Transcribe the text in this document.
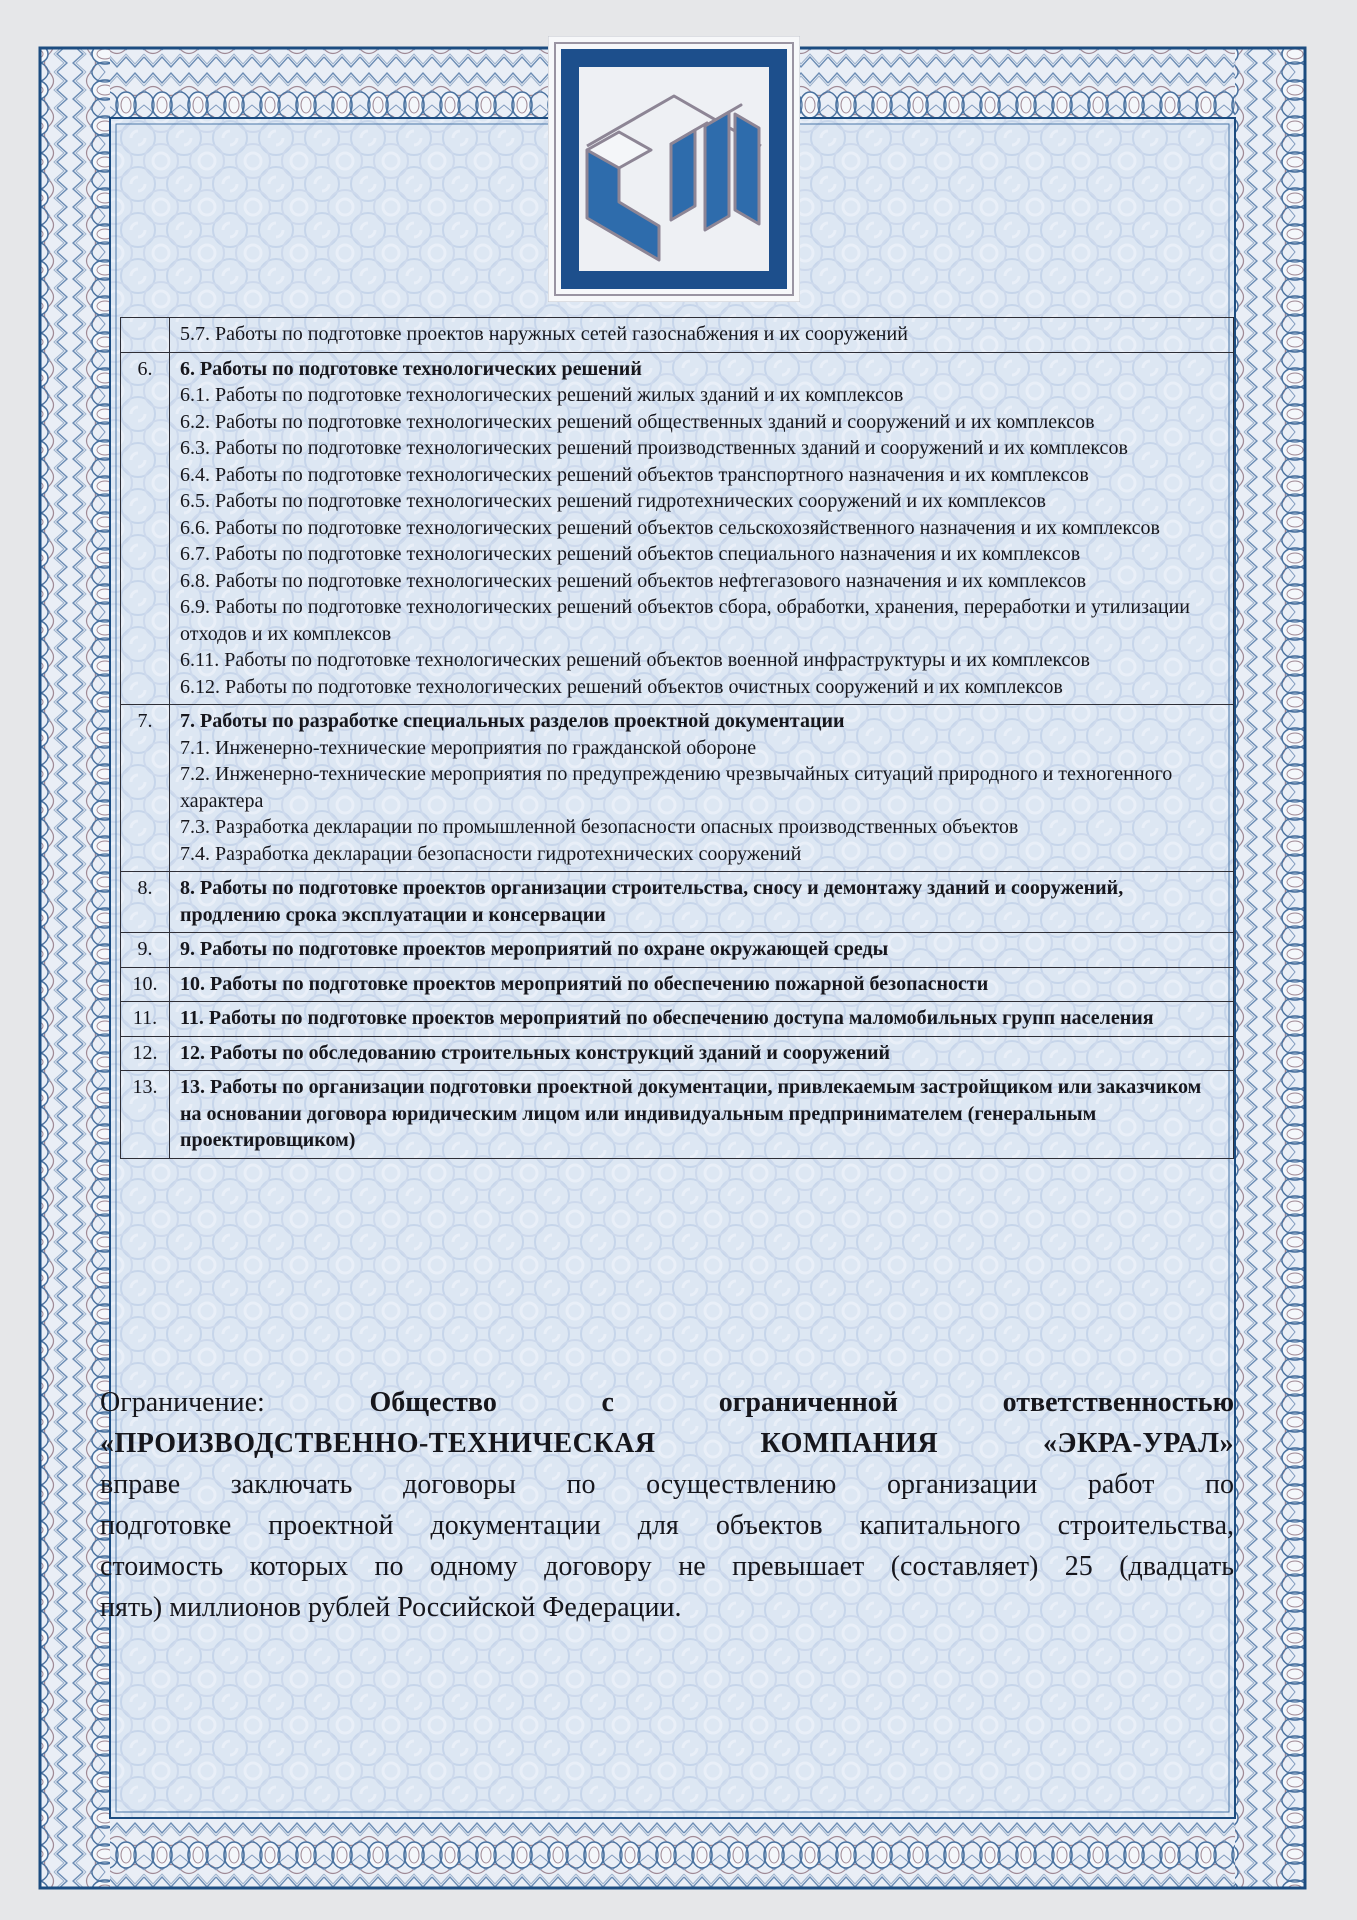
	5.7. Работы по подготовке проектов наружных сетей газоснабжения и их сооружений

6.	6. Работы по подготовке технологических решений
6.1. Работы по подготовке технологических решений жилых зданий и их комплексов
6.2. Работы по подготовке технологических решений общественных зданий и сооружений и их комплексов
6.3. Работы по подготовке технологических решений производственных зданий и сооружений и их комплексов
6.4. Работы по подготовке технологических решений объектов транспортного назначения и их комплексов
6.5. Работы по подготовке технологических решений гидротехнических сооружений и их комплексов
6.6. Работы по подготовке технологических решений объектов сельскохозяйственного назначения и их комплексов
6.7. Работы по подготовке технологических решений объектов специального назначения и их комплексов
6.8. Работы по подготовке технологических решений объектов нефтегазового назначения и их комплексов
6.9. Работы по подготовке технологических решений объектов сбора, обработки, хранения, переработки и утилизации отходов и их комплексов
6.11. Работы по подготовке технологических решений объектов военной инфраструктуры и их комплексов
6.12. Работы по подготовке технологических решений объектов очистных сооружений и их комплексов

7.	7. Работы по разработке специальных разделов проектной документации
7.1. Инженерно-технические мероприятия по гражданской обороне
7.2. Инженерно-технические мероприятия по предупреждению чрезвычайных ситуаций природного и техногенного характера
7.3. Разработка декларации по промышленной безопасности опасных производственных объектов
7.4. Разработка декларации безопасности гидротехнических сооружений

8.	8. Работы по подготовке проектов организации строительства, сносу и демонтажу зданий и сооружений, продлению срока эксплуатации и консервации

9.	9. Работы по подготовке проектов мероприятий по охране окружающей среды

10.	10. Работы по подготовке проектов мероприятий по обеспечению пожарной безопасности

11.	11. Работы по подготовке проектов мероприятий по обеспечению доступа маломобильных групп населения

12.	12. Работы по обследованию строительных конструкций зданий и сооружений

13.	13. Работы по организации подготовки проектной документации, привлекаемым застройщиком или заказчиком на основании договора юридическим лицом или индивидуальным предпринимателем (генеральным проектировщиком)
Ограничение:	Общество с ограниченной ответственностью
«ПРОИЗВОДСТВЕННО-ТЕХНИЧЕСКАЯ КОМПАНИЯ «ЭКРА-УРАЛ»
вправе заключать договоры по осуществлению организации работ по
подготовке проектной документации для объектов капитального строительства,
стоимость которых по одному договору не превышает (составляет) 25 (двадцать
пять) миллионов рублей Российской Федерации.
